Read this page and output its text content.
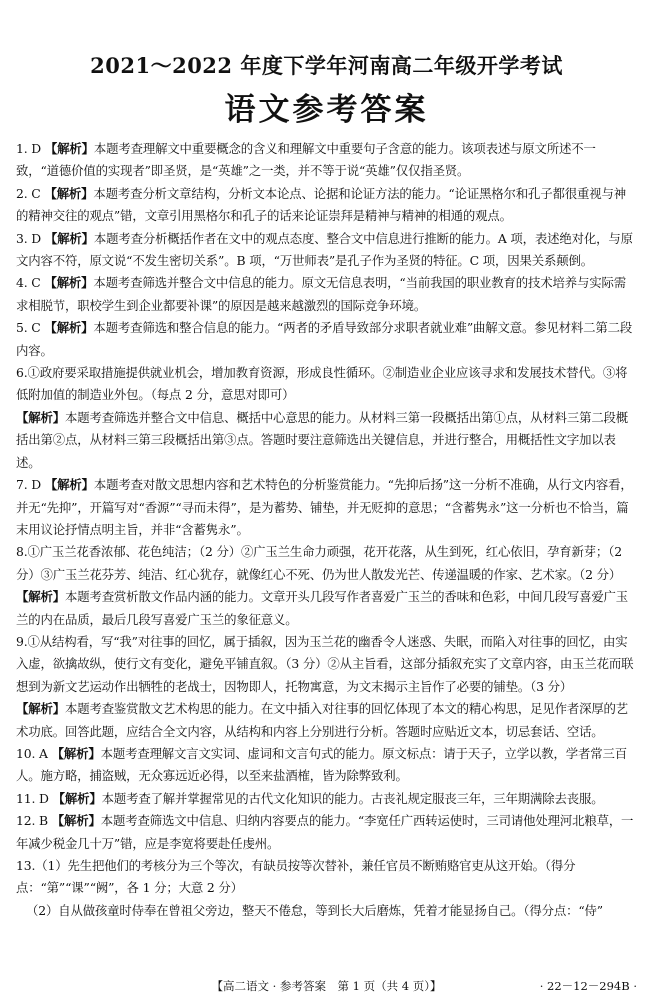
2021～2022 年度下学年河南高二年级开学考试
语文参考答案

1. D 【解析】本题考查理解文中重要概念的含义和理解文中重要句子含意的能力。该项表述与原文所述不一致，“道德价值的实现者”即圣贤，是“英雄”之一类，并不等于说“英雄”仅仅指圣贤。

2. C 【解析】本题考查分析文章结构，分析文本论点、论据和论证方法的能力。“论证黑格尔和孔子都很重视与神的精神交往的观点”错，文章引用黑格尔和孔子的话来论证崇拜是精神与精神的相通的观点。

3. D 【解析】本题考查分析概括作者在文中的观点态度、整合文中信息进行推断的能力。A 项，表述绝对化，与原文内容不符，原文说“不发生密切关系”。B 项，“万世师表”是孔子作为圣贤的特征。C 项，因果关系颠倒。

4. C 【解析】本题考查筛选并整合文中信息的能力。原文无信息表明，“当前我国的职业教育的技术培养与实际需求相脱节，职校学生到企业都要补课”的原因是越来越激烈的国际竞争环境。

5. C 【解析】本题考查筛选和整合信息的能力。“两者的矛盾导致部分求职者就业难”曲解文意。参见材料二第二段内容。

6.①政府要采取措施提供就业机会，增加教育资源，形成良性循环。②制造业企业应该寻求和发展技术替代。③将低附加值的制造业外包。（每点 2 分，意思对即可）

【解析】本题考查筛选并整合文中信息、概括中心意思的能力。从材料三第一段概括出第①点，从材料三第二段概括出第②点，从材料三第三段概括出第③点。答题时要注意筛选出关键信息，并进行整合，用概括性文字加以表述。

7. D 【解析】本题考查对散文思想内容和艺术特色的分析鉴赏能力。“先抑后扬”这一分析不准确，从行文内容看，并无“先抑”，开篇写对“香源”“寻而未得”，是为蓄势、铺垫，并无贬抑的意思；“含蓄隽永”这一分析也不恰当，篇末用议论抒情点明主旨，并非“含蓄隽永”。

8.①广玉兰花香浓郁、花色纯洁；（2 分）②广玉兰生命力顽强，花开花落，从生到死，红心依旧，孕育新芽；（2 分）③广玉兰花芬芳、纯洁、红心犹存，就像红心不死、仍为世人散发光芒、传递温暖的作家、艺术家。（2 分）

【解析】本题考查赏析散文作品内涵的能力。文章开头几段写作者喜爱广玉兰的香味和色彩，中间几段写喜爱广玉兰的内在品质，最后几段写喜爱广玉兰的象征意义。

9.①从结构看，写“我”对往事的回忆，属于插叙，因为玉兰花的幽香令人迷惑、失眠，而陷入对往事的回忆，由实入虚，欲擒故纵，使行文有变化，避免平铺直叙。（3 分）②从主旨看，这部分插叙充实了文章内容，由玉兰花而联想到为新文艺运动作出牺牲的老战士，因物即人，托物寓意，为文末揭示主旨作了必要的铺垫。（3 分）

【解析】本题考查鉴赏散文艺术构思的能力。在文中插入对往事的回忆体现了本文的精心构思，足见作者深厚的艺术功底。回答此题，应结合全文内容，从结构和内容上分别进行分析。答题时应贴近文本，切忌套话、空话。

10. A 【解析】本题考查理解文言文实词、虚词和文言句式的能力。原文标点：请于天子，立学以教，学者常三百人。施方略，捕盗贼，无众寡远近必得，以至来盐酒榷，皆为除弊致利。

11. D 【解析】本题考查了解并掌握常见的古代文化知识的能力。古丧礼规定服丧三年，三年期满除去丧服。

12. B 【解析】本题考查筛选文中信息、归纳内容要点的能力。“李宽任广西转运使时，三司请他处理河北粮草，一年减少税金几十万”错，应是李宽将要赴任虔州。

13.（1）先生把他们的考核分为三个等次，有缺员按等次替补，兼任官员不断贿赂官吏从这开始。（得分点：“第”“课”“阙”，各 1 分；大意 2 分）

（2）自从做孩童时侍奉在曾祖父旁边，整天不倦怠，等到长大后磨炼，凭着才能显扬自己。（得分点：“侍”

【高二语文 · 参考答案　第 1 页（共 4 页）】	· 22－12－294B ·
